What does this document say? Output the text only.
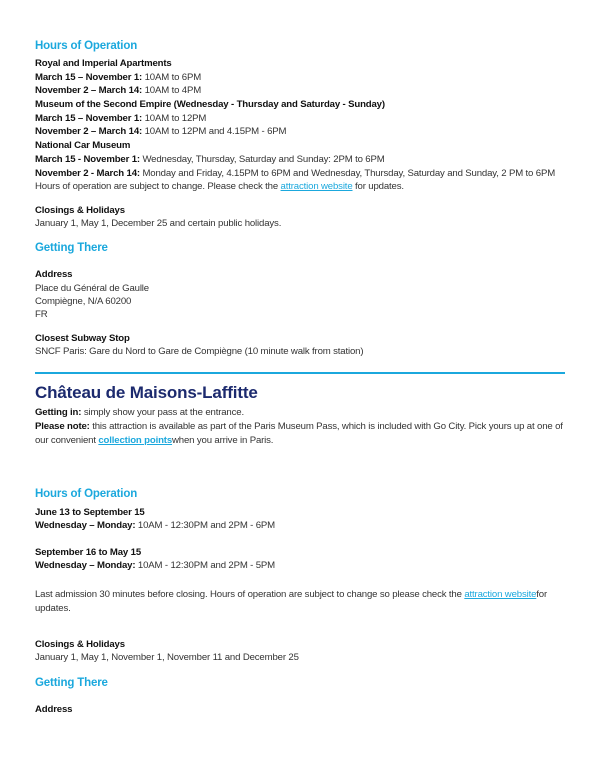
Hours of Operation
Royal and Imperial Apartments
March 15 – November 1: 10AM to 6PM
November 2 – March 14: 10AM to 4PM
Museum of the Second Empire (Wednesday - Thursday and Saturday - Sunday)
March 15 – November 1: 10AM to 12PM
November 2 – March 14: 10AM to 12PM and 4.15PM - 6PM
National Car Museum
March 15 - November 1: Wednesday, Thursday, Saturday and Sunday: 2PM to 6PM
November 2 - March 14: Monday and Friday, 4.15PM to 6PM and Wednesday, Thursday, Saturday and Sunday, 2 PM to 6PM
Hours of operation are subject to change. Please check the attraction website for updates.
Closings & Holidays
January 1, May 1, December 25 and certain public holidays.
Getting There
Address
Place du Général de Gaulle
Compiègne, N/A 60200
FR
Closest Subway Stop
SNCF Paris: Gare du Nord to Gare de Compiègne (10 minute walk from station)
Château de Maisons-Laffitte
Getting in: simply show your pass at the entrance.
Please note: this attraction is available as part of the Paris Museum Pass, which is included with Go City. Pick yours up at one of
our convenient collection pointswhen you arrive in Paris.
Hours of Operation
June 13 to September 15
Wednesday – Monday: 10AM - 12:30PM and 2PM - 6PM
September 16 to May 15
Wednesday – Monday: 10AM - 12:30PM and 2PM - 5PM
Last admission 30 minutes before closing. Hours of operation are subject to change so please check the attraction websitefor
updates.
Closings & Holidays
January 1, May 1, November 1, November 11 and December 25
Getting There
Address
